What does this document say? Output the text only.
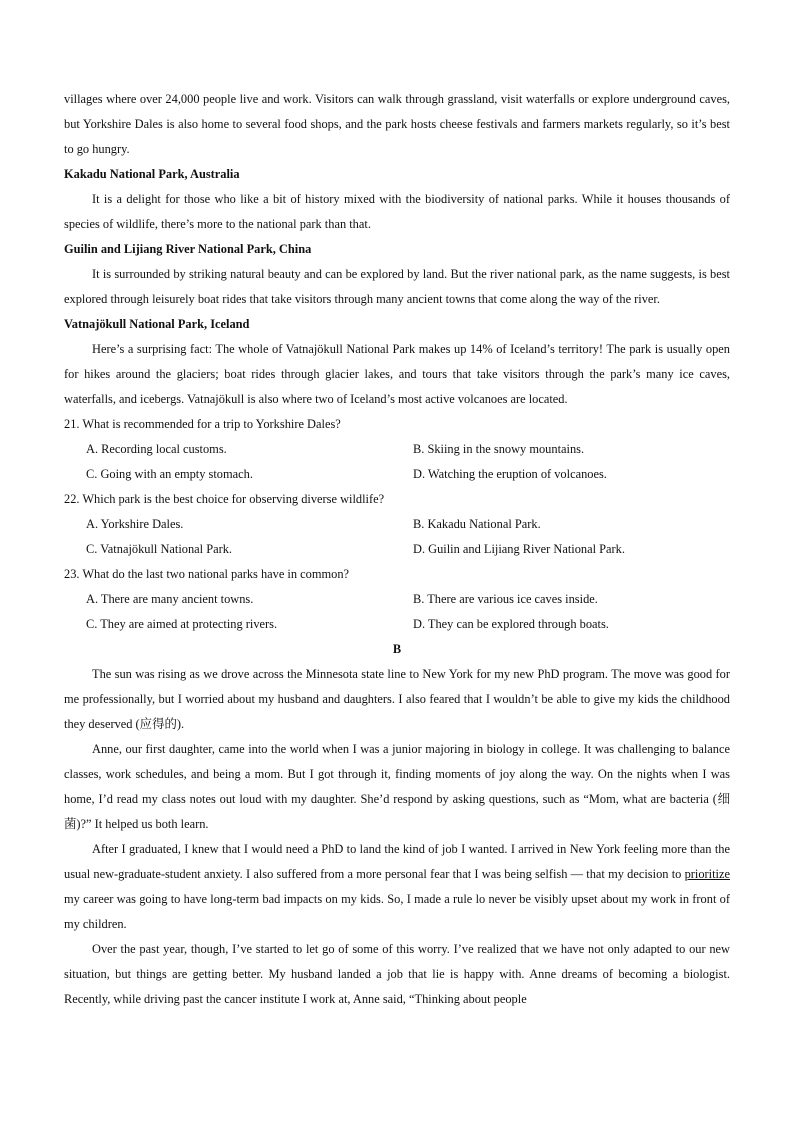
villages where over 24,000 people live and work. Visitors can walk through grassland, visit waterfalls or explore underground caves, but Yorkshire Dales is also home to several food shops, and the park hosts cheese festivals and farmers markets regularly, so it’s best to go hungry.

Kakadu National Park, Australia

It is a delight for those who like a bit of history mixed with the biodiversity of national parks. While it houses thousands of species of wildlife, there’s more to the national park than that.

Guilin and Lijiang River National Park, China

It is surrounded by striking natural beauty and can be explored by land. But the river national park, as the name suggests, is best explored through leisurely boat rides that take visitors through many ancient towns that come along the way of the river.

Vatnajökull National Park, Iceland

Here’s a surprising fact: The whole of Vatnajökull National Park makes up 14% of Iceland’s territory! The park is usually open for hikes around the glaciers; boat rides through glacier lakes, and tours that take visitors through the park’s many ice caves, waterfalls, and icebergs. Vatnajökull is also where two of Iceland’s most active volcanoes are located.

21. What is recommended for a trip to Yorkshire Dales?

A. Recording local customs.	B. Skiing in the snowy mountains.
C. Going with an empty stomach.	D. Watching the eruption of volcanoes.

22. Which park is the best choice for observing diverse wildlife?

A. Yorkshire Dales.	B. Kakadu National Park.
C. Vatnajökull National Park.	D. Guilin and Lijiang River National Park.

23. What do the last two national parks have in common?

A. There are many ancient towns.	B. There are various ice caves inside.
C. They are aimed at protecting rivers.	D. They can be explored through boats.

B

The sun was rising as we drove across the Minnesota state line to New York for my new PhD program. The move was good for me professionally, but I worried about my husband and daughters. I also feared that I wouldn’t be able to give my kids the childhood they deserved (应得的).

Anne, our first daughter, came into the world when I was a junior majoring in biology in college. It was challenging to balance classes, work schedules, and being a mom. But I got through it, finding moments of joy along the way. On the nights when I was home, I’d read my class notes out loud with my daughter. She’d respond by asking questions, such as “Mom, what are bacteria (细菌)?” It helped us both learn.

After I graduated, I knew that I would need a PhD to land the kind of job I wanted. I arrived in New York feeling more than the usual new-graduate-student anxiety. I also suffered from a more personal fear that I was being selfish — that my decision to prioritize my career was going to have long-term bad impacts on my kids. So, I made a rule lo never be visibly upset about my work in front of my children.

Over the past year, though, I’ve started to let go of some of this worry. I’ve realized that we have not only adapted to our new situation, but things are getting better. My husband landed a job that lie is happy with. Anne dreams of becoming a biologist. Recently, while driving past the cancer institute I work at, Anne said, “Thinking about people
